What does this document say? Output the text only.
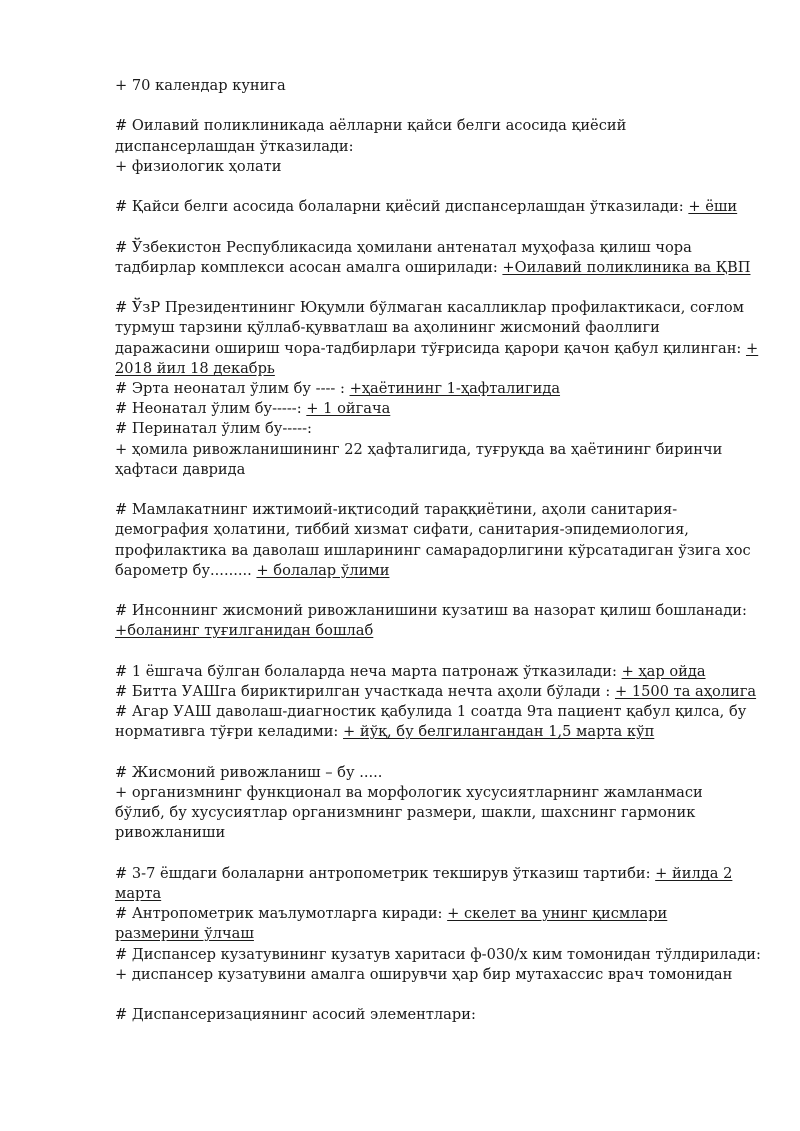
+ 70 календар кунига
# Оилавий поликлиникада аёлларни қайси белги асосида қиёсий
диспансерлашдан ўтказилади:
+ физиологик ҳолати
# Қайси белги асосида болаларни қиёсий диспансерлашдан ўтказилади: + ёши
# Ўзбекистон Республикасида ҳомилани антенатал муҳофаза қилиш чора
тадбирлар комплекси асосан амалга оширилади: +Оилавий поликлиника ва ҚВП
# ЎзР Президентининг Юқумли бўлмаган касалликлар профилактикаси, соғлом
турмуш тарзини қўллаб-қувватлаш ва аҳолининг жисмоний фаоллиги
даражасини ошириш чора-тадбирлари тўғрисида қарори қачон қабул қилинган: +
2018 йил 18 декабрь
# Эрта неонатал ўлим бу ---- : +ҳаётининг 1-ҳафталигида
# Неонатал ўлим бу-----: + 1 ойгача
# Перинатал ўлим бу-----:
+ ҳомила ривожланишининг 22 ҳафталигида, туғруқда ва ҳаётининг биринчи
ҳафтаси даврида
# Мамлакатнинг ижтимоий-иқтисодий тараққиётини, аҳоли санитария-
демография ҳолатини, тиббий хизмат сифати, санитария-эпидемиология,
профилактика ва даволаш ишларининг самарадорлигини кўрсатадиган ўзига хос
барометр бу......... + болалар ўлими
# Инсоннинг жисмоний ривожланишини кузатиш ва назорат қилиш бошланади:
+боланинг туғилганидан бошлаб
# 1 ёшгача бўлган болаларда неча марта патронаж ўтказилади: + ҳар ойда
# Битта УАШга бириктирилган участкада нечта аҳоли бўлади : + 1500 та аҳолига
# Агар УАШ даволаш-диагностик қабулида 1 соатда 9та пациент қабул қилса, бу
нормативга тўғри келадими: + йўқ, бу белгилангандан 1,5 марта кўп
# Жисмоний ривожланиш – бу .....
+ организмнинг функционал ва морфологик хусусиятларнинг жамланмаси
бўлиб, бу хусусиятлар организмнинг размери, шакли, шахснинг гармоник
ривожланиши
# 3-7 ёшдаги болаларни антропометрик текширув ўтказиш тартиби: + йилда 2
марта
# Антропометрик маълумотларга киради: + скелет ва унинг қисмлари
размерини ўлчаш
# Диспансер кузатувининг кузатув харитаси ф-030/х ким томонидан тўлдирилади:
+ диспансер кузатувини амалга оширувчи ҳар бир мутахассис врач томонидан
# Диспансеризациянинг асосий элементлари:
